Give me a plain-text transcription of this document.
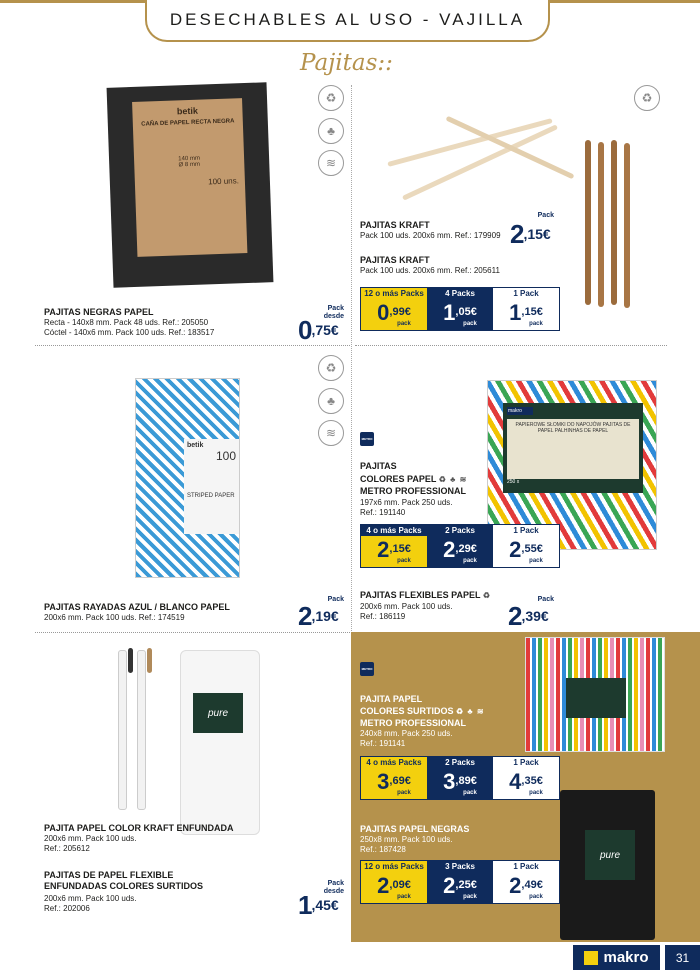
DESECHABLES AL USO - VAJILLA
Pajitas::
♻
♣
≋
♻
betik
CAÑA DE PAPEL RECTA NEGRA
140 mm
Ø 8 mm
100 uns.
PAJITAS NEGRAS PAPEL
Recta - 140x8 mm. Pack 48 uds. Ref.: 205050
Cóctel - 140x6 mm. Pack 100 uds. Ref.: 183517
Pack
desde
0 ,75€
PAJITAS KRAFT
Pack 100 uds. 200x6 mm. Ref.: 179909
Pack
2 ,15€
PAJITAS KRAFT
Pack 100 uds. 200x6 mm. Ref.: 205611
12 o más Packs
0 ,99€
pack
4 Packs
1 ,05€
pack
1 Pack
1 ,15€
pack
♻
♣
≋
betik
100
STRIPED PAPER
PAJITAS RAYADAS AZUL / BLANCO PAPEL
200x6 mm. Pack 100 uds. Ref.: 174519
Pack
2 ,19€
makro
PAPIEROWE SŁOMKI DO NAPOJÓW PAJITAS DE PAPEL PALHINHAS DE PAPEL
250 x
METRO
PAJITAS
COLORES PAPEL ♻ ♣ ≋
METRO PROFESSIONAL
197x6 mm. Pack 250 uds.
Ref.: 191140
4 o más Packs
2 ,15€
pack
2 Packs
2 ,29€
pack
1 Pack
2 ,55€
pack
PAJITAS FLEXIBLES PAPEL ♻
200x6 mm. Pack 100 uds.
Ref.: 186119
Pack
2 ,39€
METRO
PAJITA PAPEL
COLORES SURTIDOS ♻ ♣ ≋
METRO PROFESSIONAL
240x8 mm. Pack 250 uds.
Ref.: 191141
4 o más Packs
3 ,69€
pack
2 Packs
3 ,89€
pack
1 Pack
4 ,35€
pack
pure
PAJITAS PAPEL NEGRAS
250x8 mm. Pack 100 uds.
Ref.: 187428
12 o más Packs
2 ,09€
pack
3 Packs
2 ,25€
pack
1 Pack
2 ,49€
pack
pure
PAJITA PAPEL COLOR KRAFT ENFUNDADA
200x6 mm. Pack 100 uds.
Ref.: 205612
PAJITAS DE PAPEL FLEXIBLE
ENFUNDADAS COLORES SURTIDOS
200x6 mm. Pack 100 uds.
Ref.: 202006
Pack
desde
1 ,45€
makro	31
